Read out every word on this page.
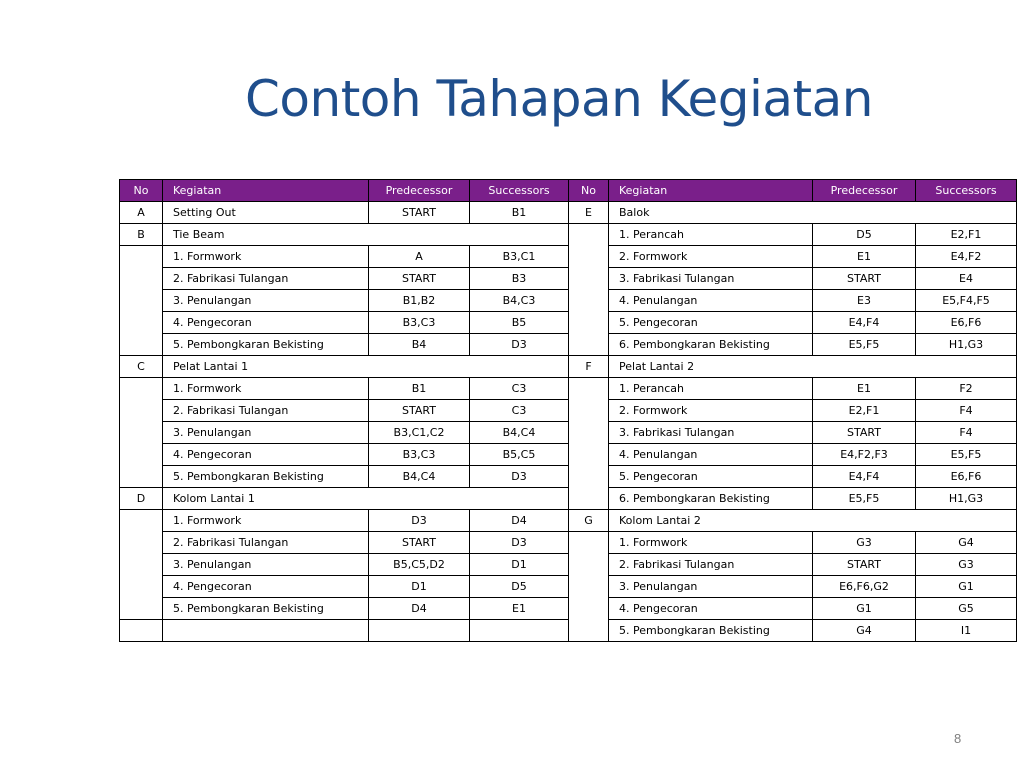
Contoh Tahapan Kegiatan
No	Kegiatan	Predecessor	Successors	No	Kegiatan	Predecessor	Successors
A	Setting Out	START	B1	E	Balok		
B	Tie Beam				1. Perancah	D5	E2,F1
	1. Formwork	A	B3,C1		2. Formwork	E1	E4,F2
	2. Fabrikasi Tulangan	START	B3		3. Fabrikasi Tulangan	START	E4
	3. Penulangan	B1,B2	B4,C3		4. Penulangan	E3	E5,F4,F5
	4. Pengecoran	B3,C3	B5		5. Pengecoran	E4,F4	E6,F6
	5. Pembongkaran Bekisting	B4	D3		6. Pembongkaran Bekisting	E5,F5	H1,G3
C	Pelat Lantai 1			F	Pelat Lantai 2		
	1. Formwork	B1	C3		1. Perancah	E1	F2
	2. Fabrikasi Tulangan	START	C3		2. Formwork	E2,F1	F4
	3. Penulangan	B3,C1,C2	B4,C4		3. Fabrikasi Tulangan	START	F4
	4. Pengecoran	B3,C3	B5,C5		4. Penulangan	E4,F2,F3	E5,F5
	5. Pembongkaran Bekisting	B4,C4	D3		5. Pengecoran	E4,F4	E6,F6
D	Kolom Lantai 1				6. Pembongkaran Bekisting	E5,F5	H1,G3
	1. Formwork	D3	D4	G	Kolom Lantai 2		
	2. Fabrikasi Tulangan	START	D3		1. Formwork	G3	G4
	3. Penulangan	B5,C5,D2	D1		2. Fabrikasi Tulangan	START	G3
	4. Pengecoran	D1	D5		3. Penulangan	E6,F6,G2	G1
	5. Pembongkaran Bekisting	D4	E1		4. Pengecoran	G1	G5
					5. Pembongkaran Bekisting	G4	I1
8
